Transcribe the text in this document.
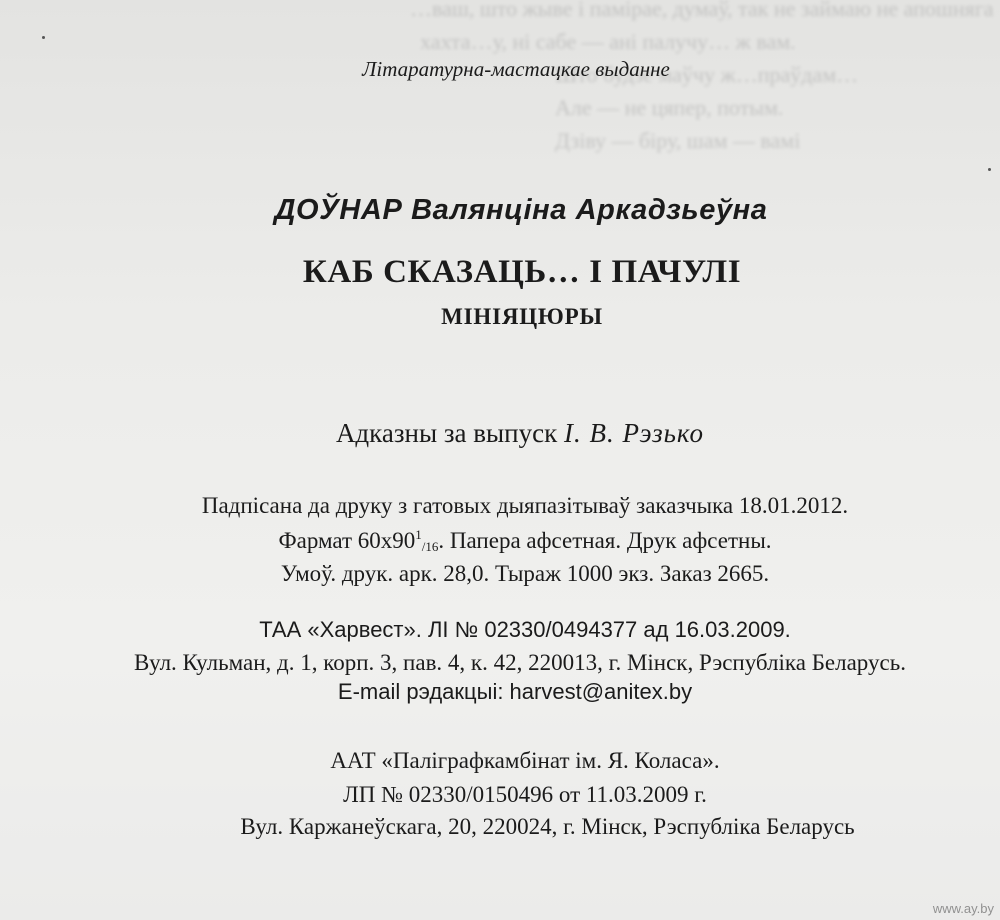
…ваш, што жыве і памірае, думаў, так не займаю не апошняга
хахта…у, ні сабе — ані палучу… ж вам.
Што будзе маўчу ж…праўдам…
Але — не цяпер, потым.
Дзіву — біру, шам — вамі
Літаратурна-мастацкае выданне
ДОЎНАР Валянціна Аркадзьеўна
КАБ СКАЗАЦЬ… І ПАЧУЛІ
МІНІЯЦЮРЫ
Адказны за выпуск І. В. Рэзько
Падпісана да друку з гатовых дыяпазітываў заказчыка 18.01.2012.
Фармат $60x90^1_{/16}$. Папера афсетная. Друк афсетны.
Умоў. друк. арк. 28,0. Тыраж 1000 экз. Заказ 2665.
ТАА «Харвест». ЛІ № 02330/0494377 ад 16.03.2009.
Вул. Кульман, д. 1, корп. 3, пав. 4, к. 42, 220013, г. Мінск, Рэспубліка Беларусь.
E-mail рэдакцыі: harvest@anitex.by
ААТ «Паліграфкамбінат ім. Я. Коласа».
ЛП № 02330/0150496 от 11.03.2009 г.
Вул. Каржанеўскага, 20, 220024, г. Мінск, Рэспубліка Беларусь
www.ay.by
